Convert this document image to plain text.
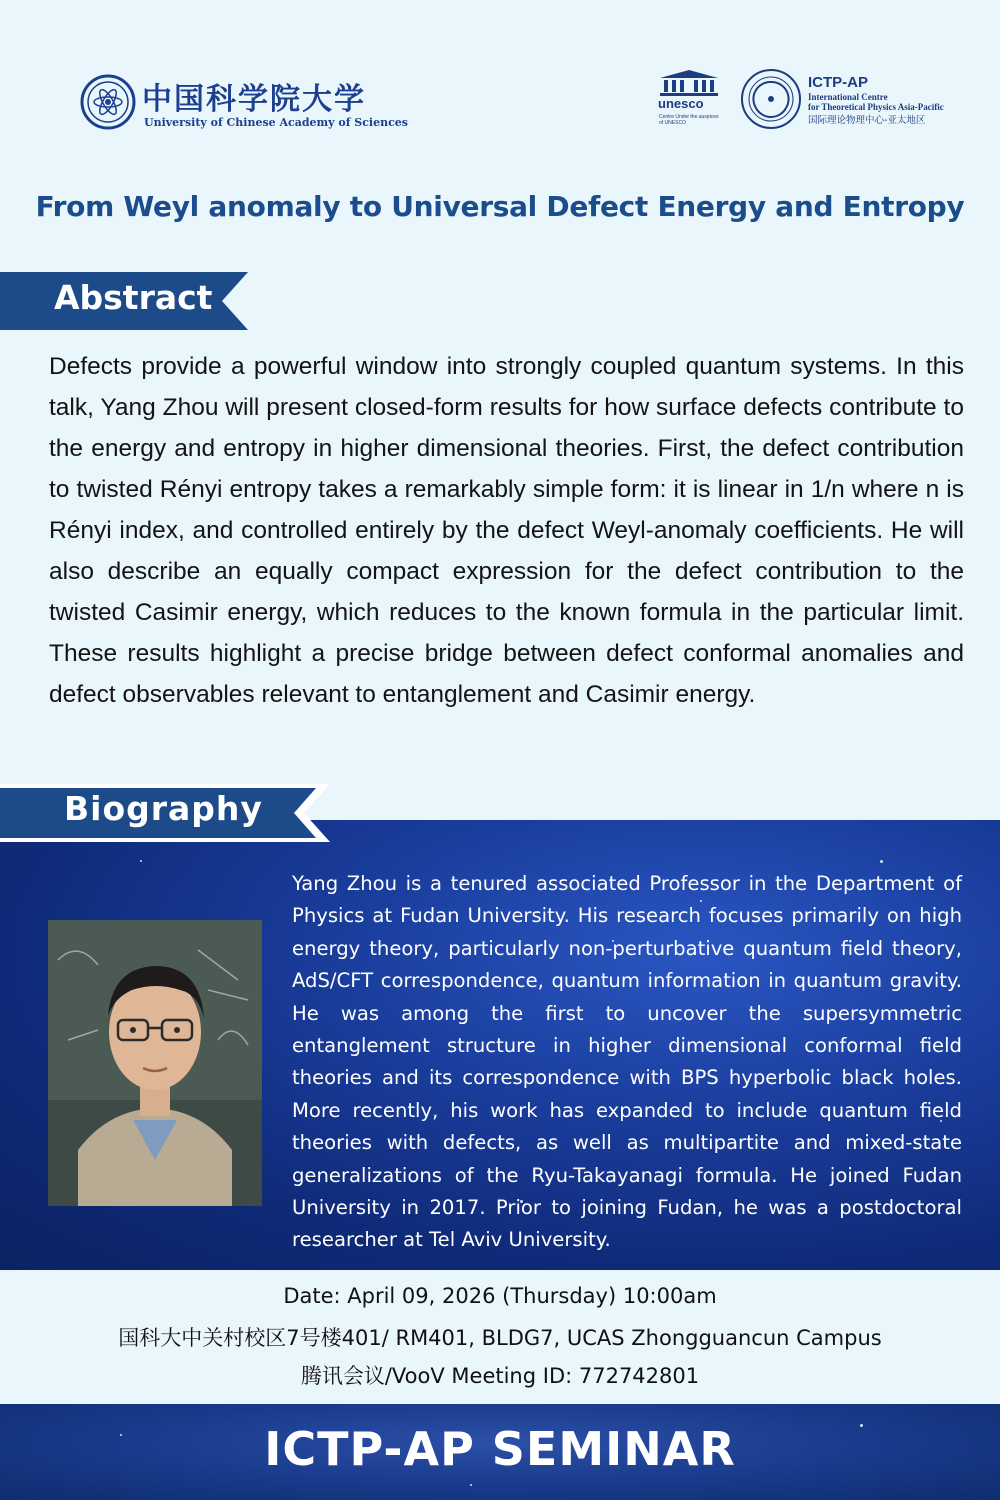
中国科学院大学
University of Chinese Academy of Sciences
unesco
Centre Under the auspices of UNESCO
ICTP-AP
International Centre
for Theoretical Physics Asia-Pacific
国际理论物理中心-亚太地区
From Weyl anomaly to Universal Defect Energy and Entropy
Abstract
Defects provide a powerful window into strongly coupled quantum systems. In this talk, Yang Zhou will present closed-form results for how surface defects contribute to the energy and entropy in higher dimensional theories. First, the defect contribution to twisted Rényi entropy takes a remarkably simple form: it is linear in 1/n where n is Rényi index, and controlled entirely by the defect Weyl-anomaly coefficients. He will also describe an equally compact expression for the defect contribution to the twisted Casimir energy, which reduces to the known formula in the particular limit. These results highlight a precise bridge between defect conformal anomalies and defect observables relevant to entanglement and Casimir energy.
Biography
Yang Zhou is a tenured associated Professor in the Department of Physics at Fudan University. His research focuses primarily on high energy theory, particularly non-perturbative quantum field theory, AdS/CFT correspondence, quantum information in quantum gravity. He was among the first to uncover the supersymmetric entanglement structure in higher dimensional conformal field theories and its correspondence with BPS hyperbolic black holes. More recently, his work has expanded to include quantum field theories with defects, as well as multipartite and mixed-state generalizations of the Ryu-Takayanagi formula. He joined Fudan University in 2017. Prior to joining Fudan, he was a postdoctoral researcher at Tel Aviv University.
Date: April 09, 2026 (Thursday) 10:00am
国科大中关村校区7号楼401/ RM401, BLDG7, UCAS Zhongguancun Campus
腾讯会议/VooV Meeting ID: 772742801
ICTP-AP SEMINAR
